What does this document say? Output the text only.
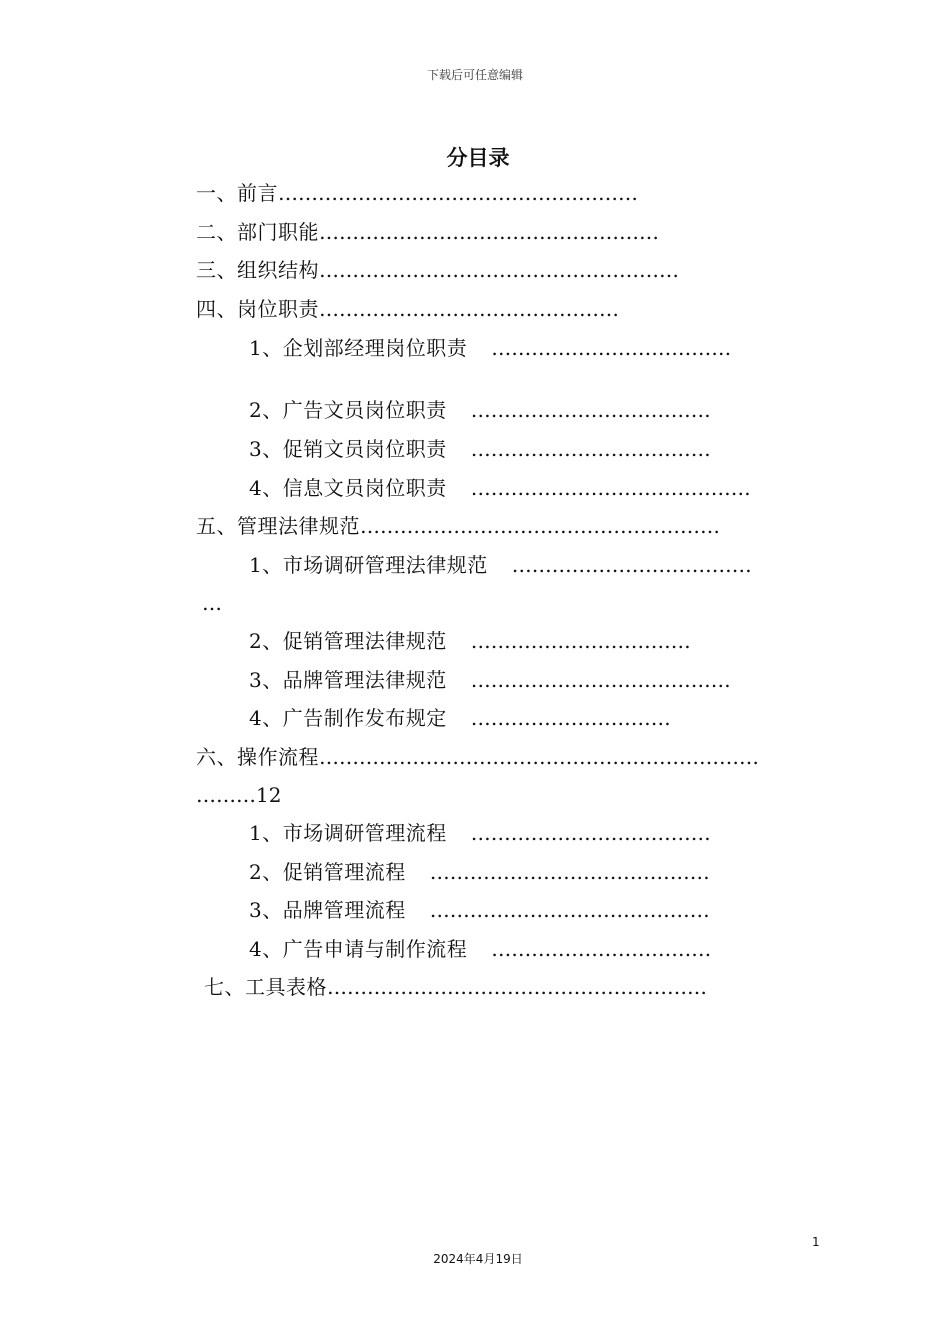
下载后可任意编辑
分目录
一、前言………………………………………………
二、部门职能……………………………………………
三、组织结构………………………………………………
四、岗位职责………………………………………
1、企划部经理岗位职责 ………………………………
2、广告文员岗位职责 ………………………………
3、促销文员岗位职责 ………………………………
4、信息文员岗位职责 ……………………………………
五、管理法律规范………………………………………………
1、市场调研管理法律规范 ………………………………
…
2、促销管理法律规范 ……………………………
3、品牌管理法律规范 …………………………………
4、广告制作发布规定 …………………………
六、操作流程…………………………………………………………
………12
1、市场调研管理流程 ………………………………
2、促销管理流程 ……………………………………
3、品牌管理流程 ……………………………………
4、广告申请与制作流程 ……………………………
七、工具表格…………………………………………………
1
2024年4月19日
